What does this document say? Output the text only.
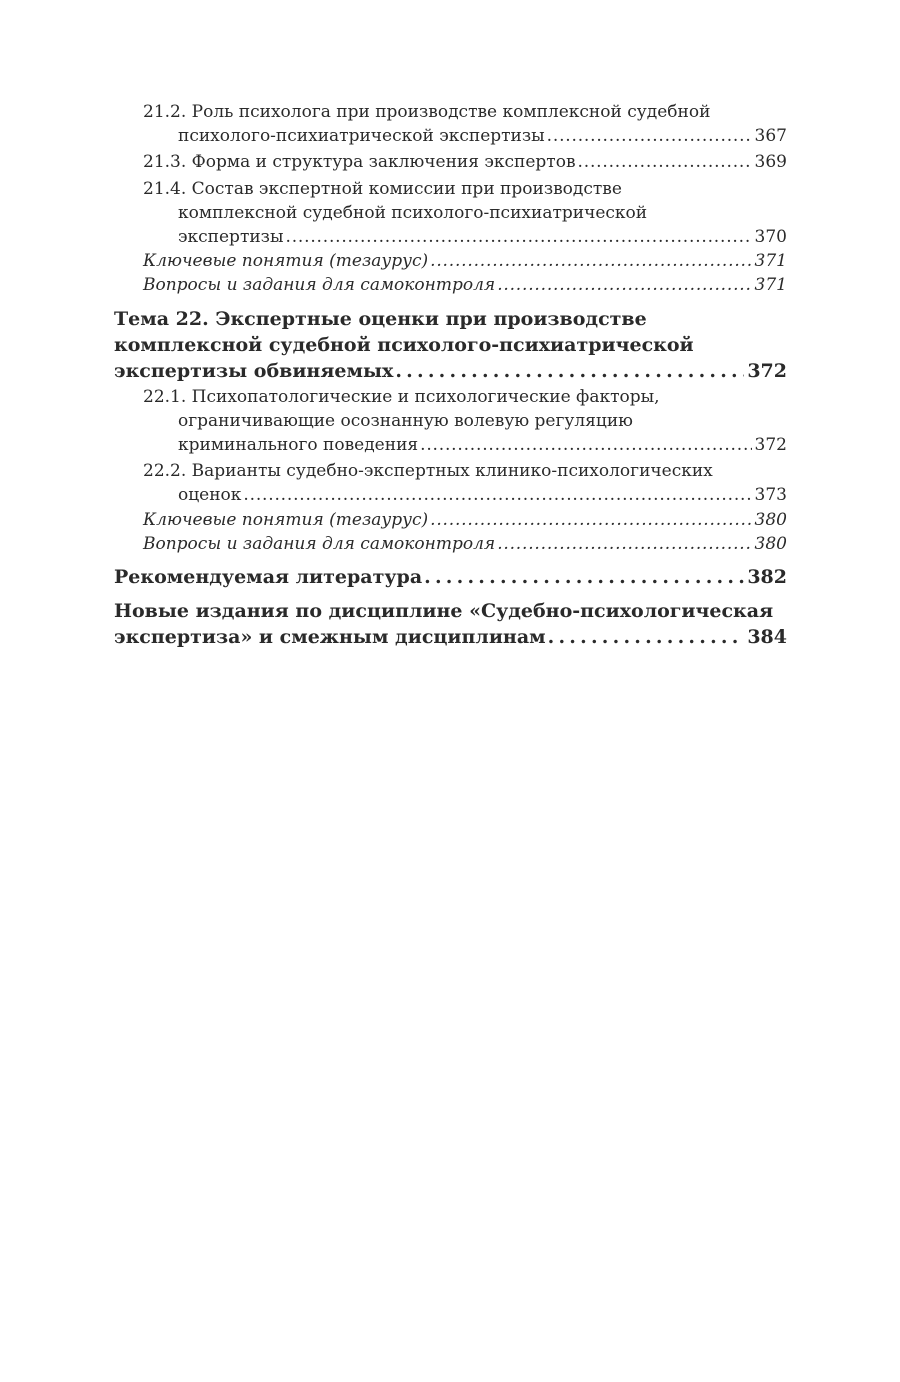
21.2. Роль психолога при производстве комплексной судебной
психолого-психиатрической экспертизы . . .	367
21.3. Форма и структура заключения экспертов . . .	369
21.4. Состав экспертной комиссии при производстве
комплексной судебной психолого-психиатрической
экспертизы . . .	370
Ключевые понятия (тезаурус) . . .	371
Вопросы и задания для самоконтроля . . .	371
Тема 22. Экспертные оценки при производстве
комплексной судебной психолого-психиатрической
экспертизы обвиняемых . . .	372
22.1. Психопатологические и психологические факторы,
ограничивающие осознанную волевую регуляцию
криминального поведения . . .	372
22.2. Варианты судебно-экспертных клинико-психологических
оценок . . .	373
Ключевые понятия (тезаурус) . . .	380
Вопросы и задания для самоконтроля . . .	380
Рекомендуемая литература . . .	382
Новые издания по дисциплине «Судебно-психологическая
экспертиза» и смежным дисциплинам . . .	384
